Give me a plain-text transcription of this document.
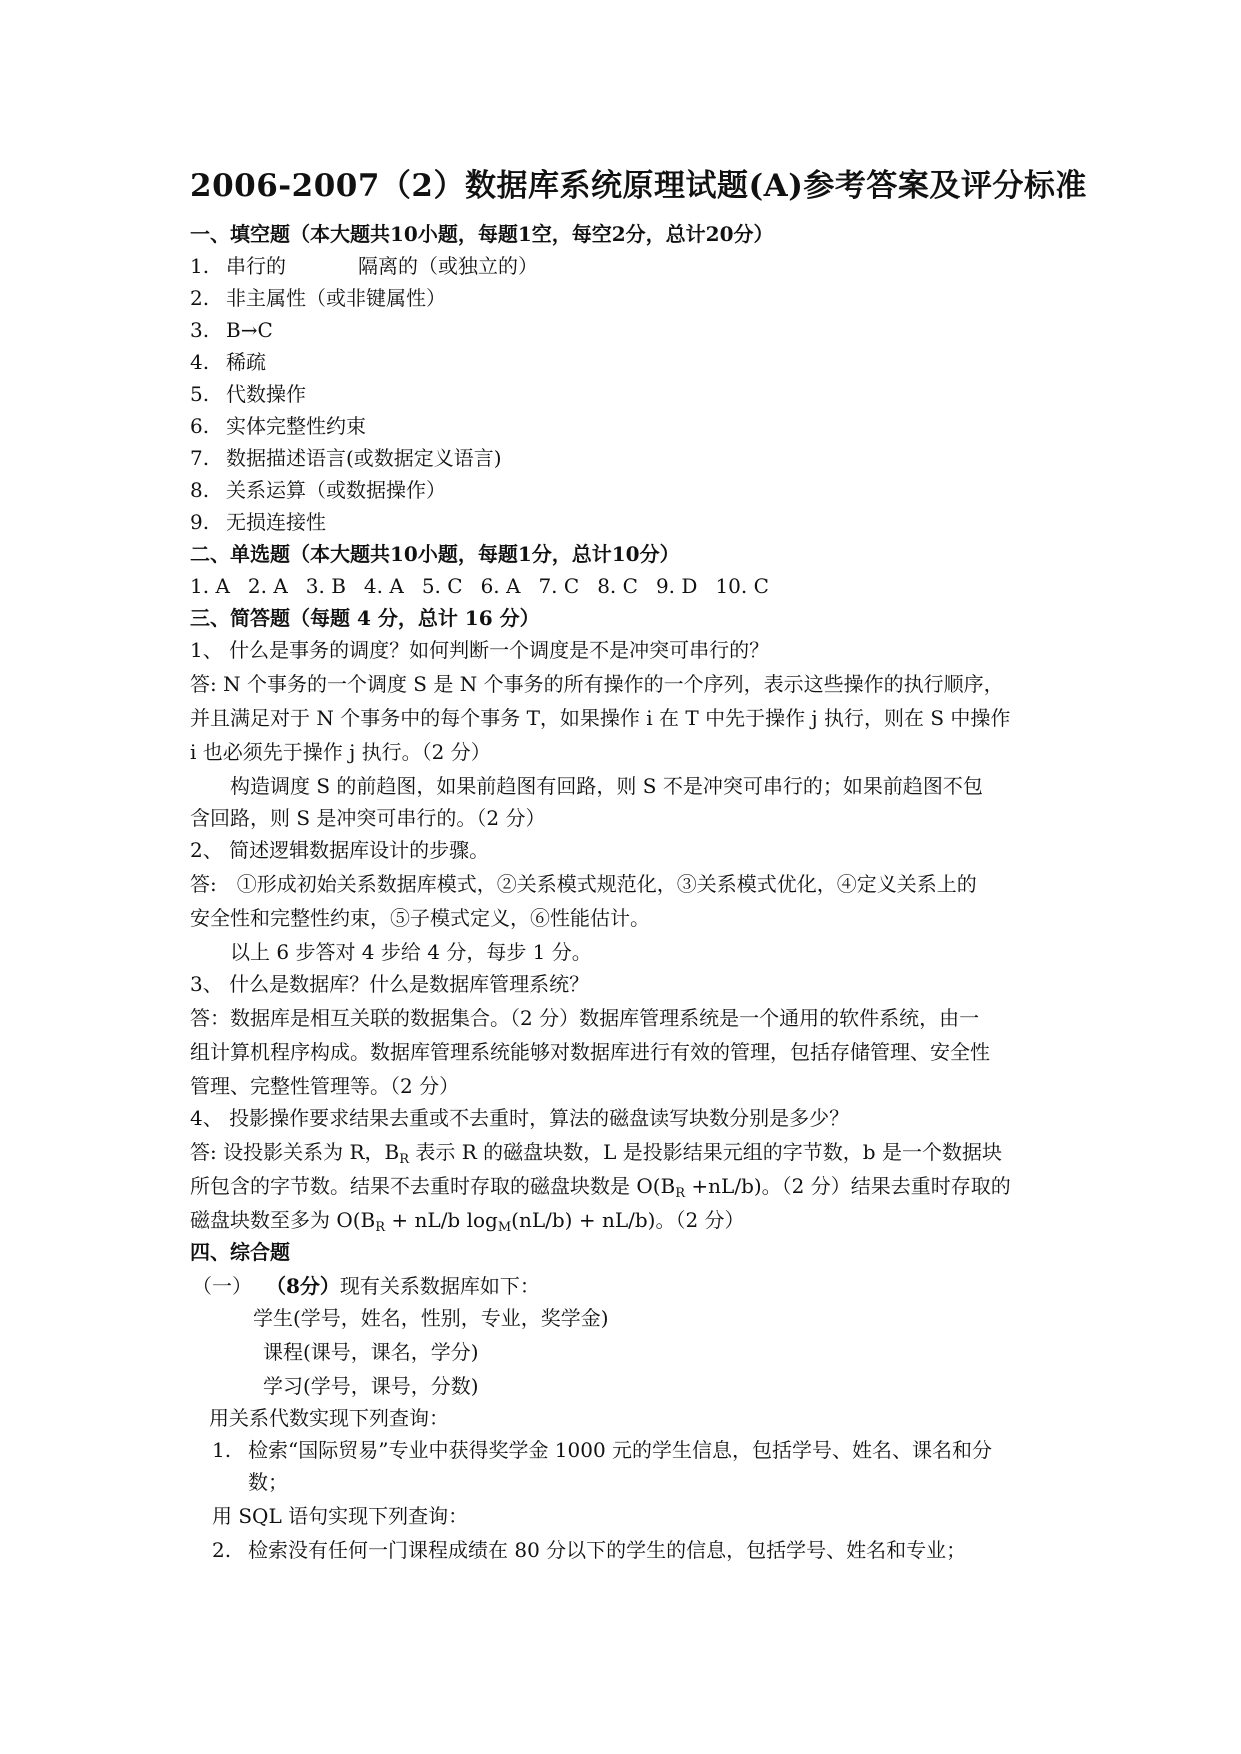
2006-2007（2）数据库系统原理试题(A)参考答案及评分标准
一、填空题（本大题共10小题，每题1空，每空2分，总计20分）
1. 串行的	隔离的（或独立的）
2. 非主属性（或非键属性）
3. B→C
4. 稀疏
5. 代数操作
6. 实体完整性约束
7. 数据描述语言(或数据定义语言)
8. 关系运算（或数据操作）
9. 无损连接性
二、单选题（本大题共10小题，每题1分，总计10分）
1. A 2. A 3. B 4. A 5. C 6. A 7. C 8. C 9. D 10. C
三、简答题（每题 4 分，总计 16 分）
1、 什么是事务的调度？如何判断一个调度是不是冲突可串行的？
答: N 个事务的一个调度 S 是 N 个事务的所有操作的一个序列，表示这些操作的执行顺序，
并且满足对于 N 个事务中的每个事务 T，如果操作 i 在 T 中先于操作 j 执行，则在 S 中操作
i 也必须先于操作 j 执行。（2 分）
构造调度 S 的前趋图，如果前趋图有回路，则 S 不是冲突可串行的；如果前趋图不包
含回路，则 S 是冲突可串行的。（2 分）
2、 简述逻辑数据库设计的步骤。
答:　①形成初始关系数据库模式，②关系模式规范化，③关系模式优化，④定义关系上的
安全性和完整性约束，⑤子模式定义，⑥性能估计。
以上 6 步答对 4 步给 4 分，每步 1 分。
3、 什么是数据库？什么是数据库管理系统？
答：数据库是相互关联的数据集合。（2 分）数据库管理系统是一个通用的软件系统，由一
组计算机程序构成。数据库管理系统能够对数据库进行有效的管理，包括存储管理、安全性
管理、完整性管理等。（2 分）
4、 投影操作要求结果去重或不去重时，算法的磁盘读写块数分别是多少？
答: 设投影关系为 R，$B_R$ 表示 R 的磁盘块数，L 是投影结果元组的字节数，b 是一个数据块
所包含的字节数。结果不去重时存取的磁盘块数是 $O(B_R +nL/b)$。（2 分）结果去重时存取的
磁盘块数至多为 $O(B_R + nL/b$ $\log_M(nL/b) + nL/b$)。（2 分）
四、综合题
（一） （8分）现有关系数据库如下：
学生(学号，姓名，性别，专业，奖学金)
课程(课号，课名，学分)
学习(学号，课号，分数)
用关系代数实现下列查询：
1. 检索“国际贸易”专业中获得奖学金 1000 元的学生信息，包括学号、姓名、课名和分
数；
用 SQL 语句实现下列查询：
2. 检索没有任何一门课程成绩在 80 分以下的学生的信息，包括学号、姓名和专业；
